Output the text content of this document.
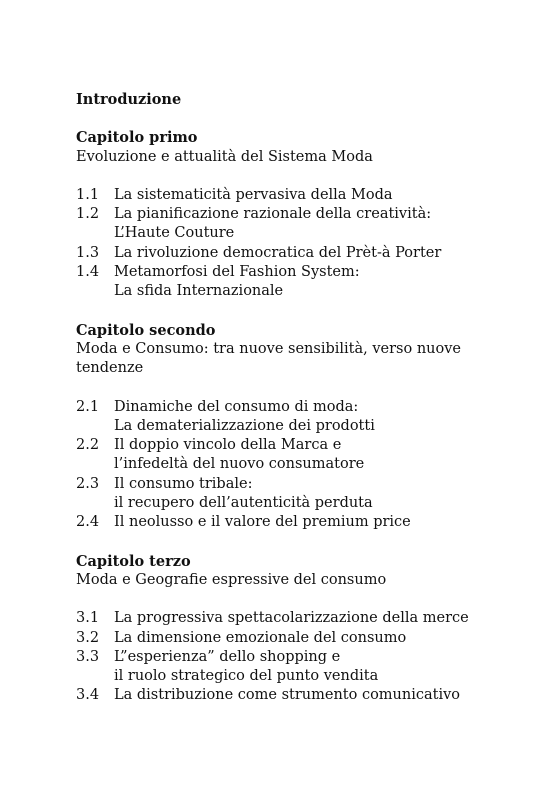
Introduzione
Capitolo primo
Evoluzione e attualità del Sistema Moda
1.1	La sistematicità pervasiva della Moda
1.2	La pianificazione razionale della creatività:
L’Haute Couture
1.3	La rivoluzione democratica del Prèt-à Porter
1.4	Metamorfosi del Fashion System:
La sfida Internazionale
Capitolo secondo
Moda e Consumo: tra nuove sensibilità, verso nuove
tendenze
2.1	Dinamiche del consumo di moda:
La dematerializzazione dei prodotti
2.2	Il doppio vincolo della Marca e
l’infedeltà del nuovo consumatore
2.3	Il consumo tribale:
il recupero dell’autenticità perduta
2.4	Il neolusso e il valore del premium price
Capitolo terzo
Moda e Geografie espressive del consumo
3.1	La progressiva spettacolarizzazione della merce
3.2	La dimensione emozionale del consumo
3.3	L”esperienza” dello shopping e
il ruolo strategico del punto vendita
3.4	La distribuzione come strumento comunicativo
